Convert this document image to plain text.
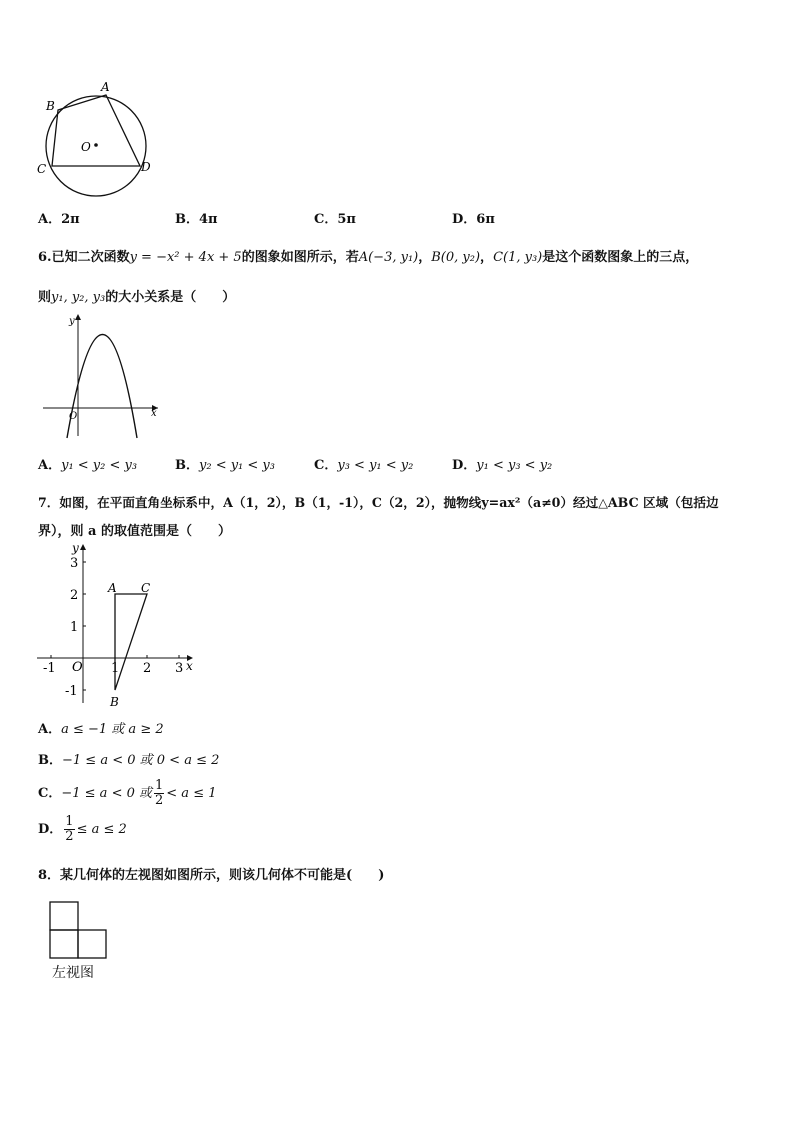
A
B
C	D
O
A．2π	B．4π	C．5π	D．6π
6.已知二次函数y = −x² + 4x + 5的图象如图所示，若A(−3, y₁)，B(0, y₂)，C(1, y₃)是这个函数图象上的三点，
则y₁, y₂, y₃的大小关系是（　　）
y
x
O
A．y₁ < y₂ < y₃	B．y₂ < y₁ < y₃	C．y₃ < y₁ < y₂	D．y₁ < y₃ < y₂
7．如图，在平面直角坐标系中，A（1，2），B（1，-1），C（2，2），抛物线y=ax²（a≠0）经过△ABC 区域（包括边
界），则 a 的取值范围是（　　）
-1	1 2 3
3
2
1
-1
x
y
O
A C
B
A．a ≤ −1 或 a ≥ 2
B．−1 ≤ a < 0 或 0 < a ≤ 2
C．−1 ≤ a < 0 或 $\frac{1}{2} < a \le 1$
D． $\frac{1}{2} \le a \le 2$
8．某几何体的左视图如图所示，则该几何体不可能是(　　)
左视图
